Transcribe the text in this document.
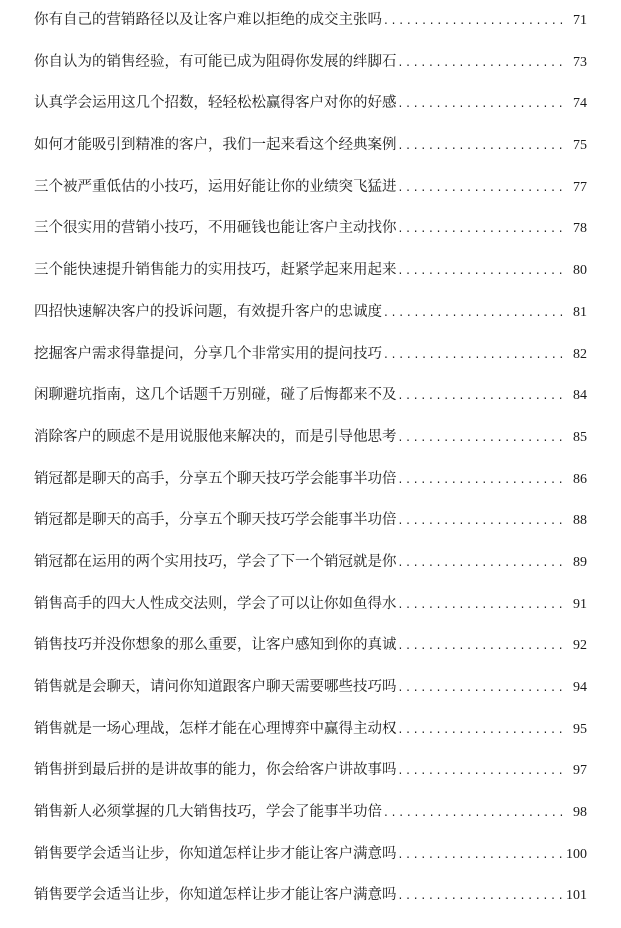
你有自己的营销路径以及让客户难以拒绝的成交主张吗 . . .	71
你自认为的销售经验，有可能已成为阻碍你发展的绊脚石 . . .	73
认真学会运用这几个招数，轻轻松松赢得客户对你的好感 . . .	74
如何才能吸引到精准的客户，我们一起来看这个经典案例 . . .	75
三个被严重低估的小技巧，运用好能让你的业绩突飞猛进 . . .	77
三个很实用的营销小技巧，不用砸钱也能让客户主动找你 . . .	78
三个能快速提升销售能力的实用技巧，赶紧学起来用起来 . . .	80
四招快速解决客户的投诉问题，有效提升客户的忠诚度 . . .	81
挖掘客户需求得靠提问，分享几个非常实用的提问技巧 . . .	82
闲聊避坑指南，这几个话题千万别碰，碰了后悔都来不及 . . .	84
消除客户的顾虑不是用说服他来解决的，而是引导他思考 . . .	85
销冠都是聊天的高手，分享五个聊天技巧学会能事半功倍 . . .	86
销冠都是聊天的高手，分享五个聊天技巧学会能事半功倍 . . .	88
销冠都在运用的两个实用技巧，学会了下一个销冠就是你 . . .	89
销售高手的四大人性成交法则，学会了可以让你如鱼得水 . . .	91
销售技巧并没你想象的那么重要，让客户感知到你的真诚 . . .	92
销售就是会聊天，请问你知道跟客户聊天需要哪些技巧吗 . . .	94
销售就是一场心理战，怎样才能在心理博弈中赢得主动权 . . .	95
销售拼到最后拼的是讲故事的能力，你会给客户讲故事吗 . . .	97
销售新人必须掌握的几大销售技巧，学会了能事半功倍 . . .	98
销售要学会适当让步，你知道怎样让步才能让客户满意吗 . . .	100
销售要学会适当让步，你知道怎样让步才能让客户满意吗 . . .	101
